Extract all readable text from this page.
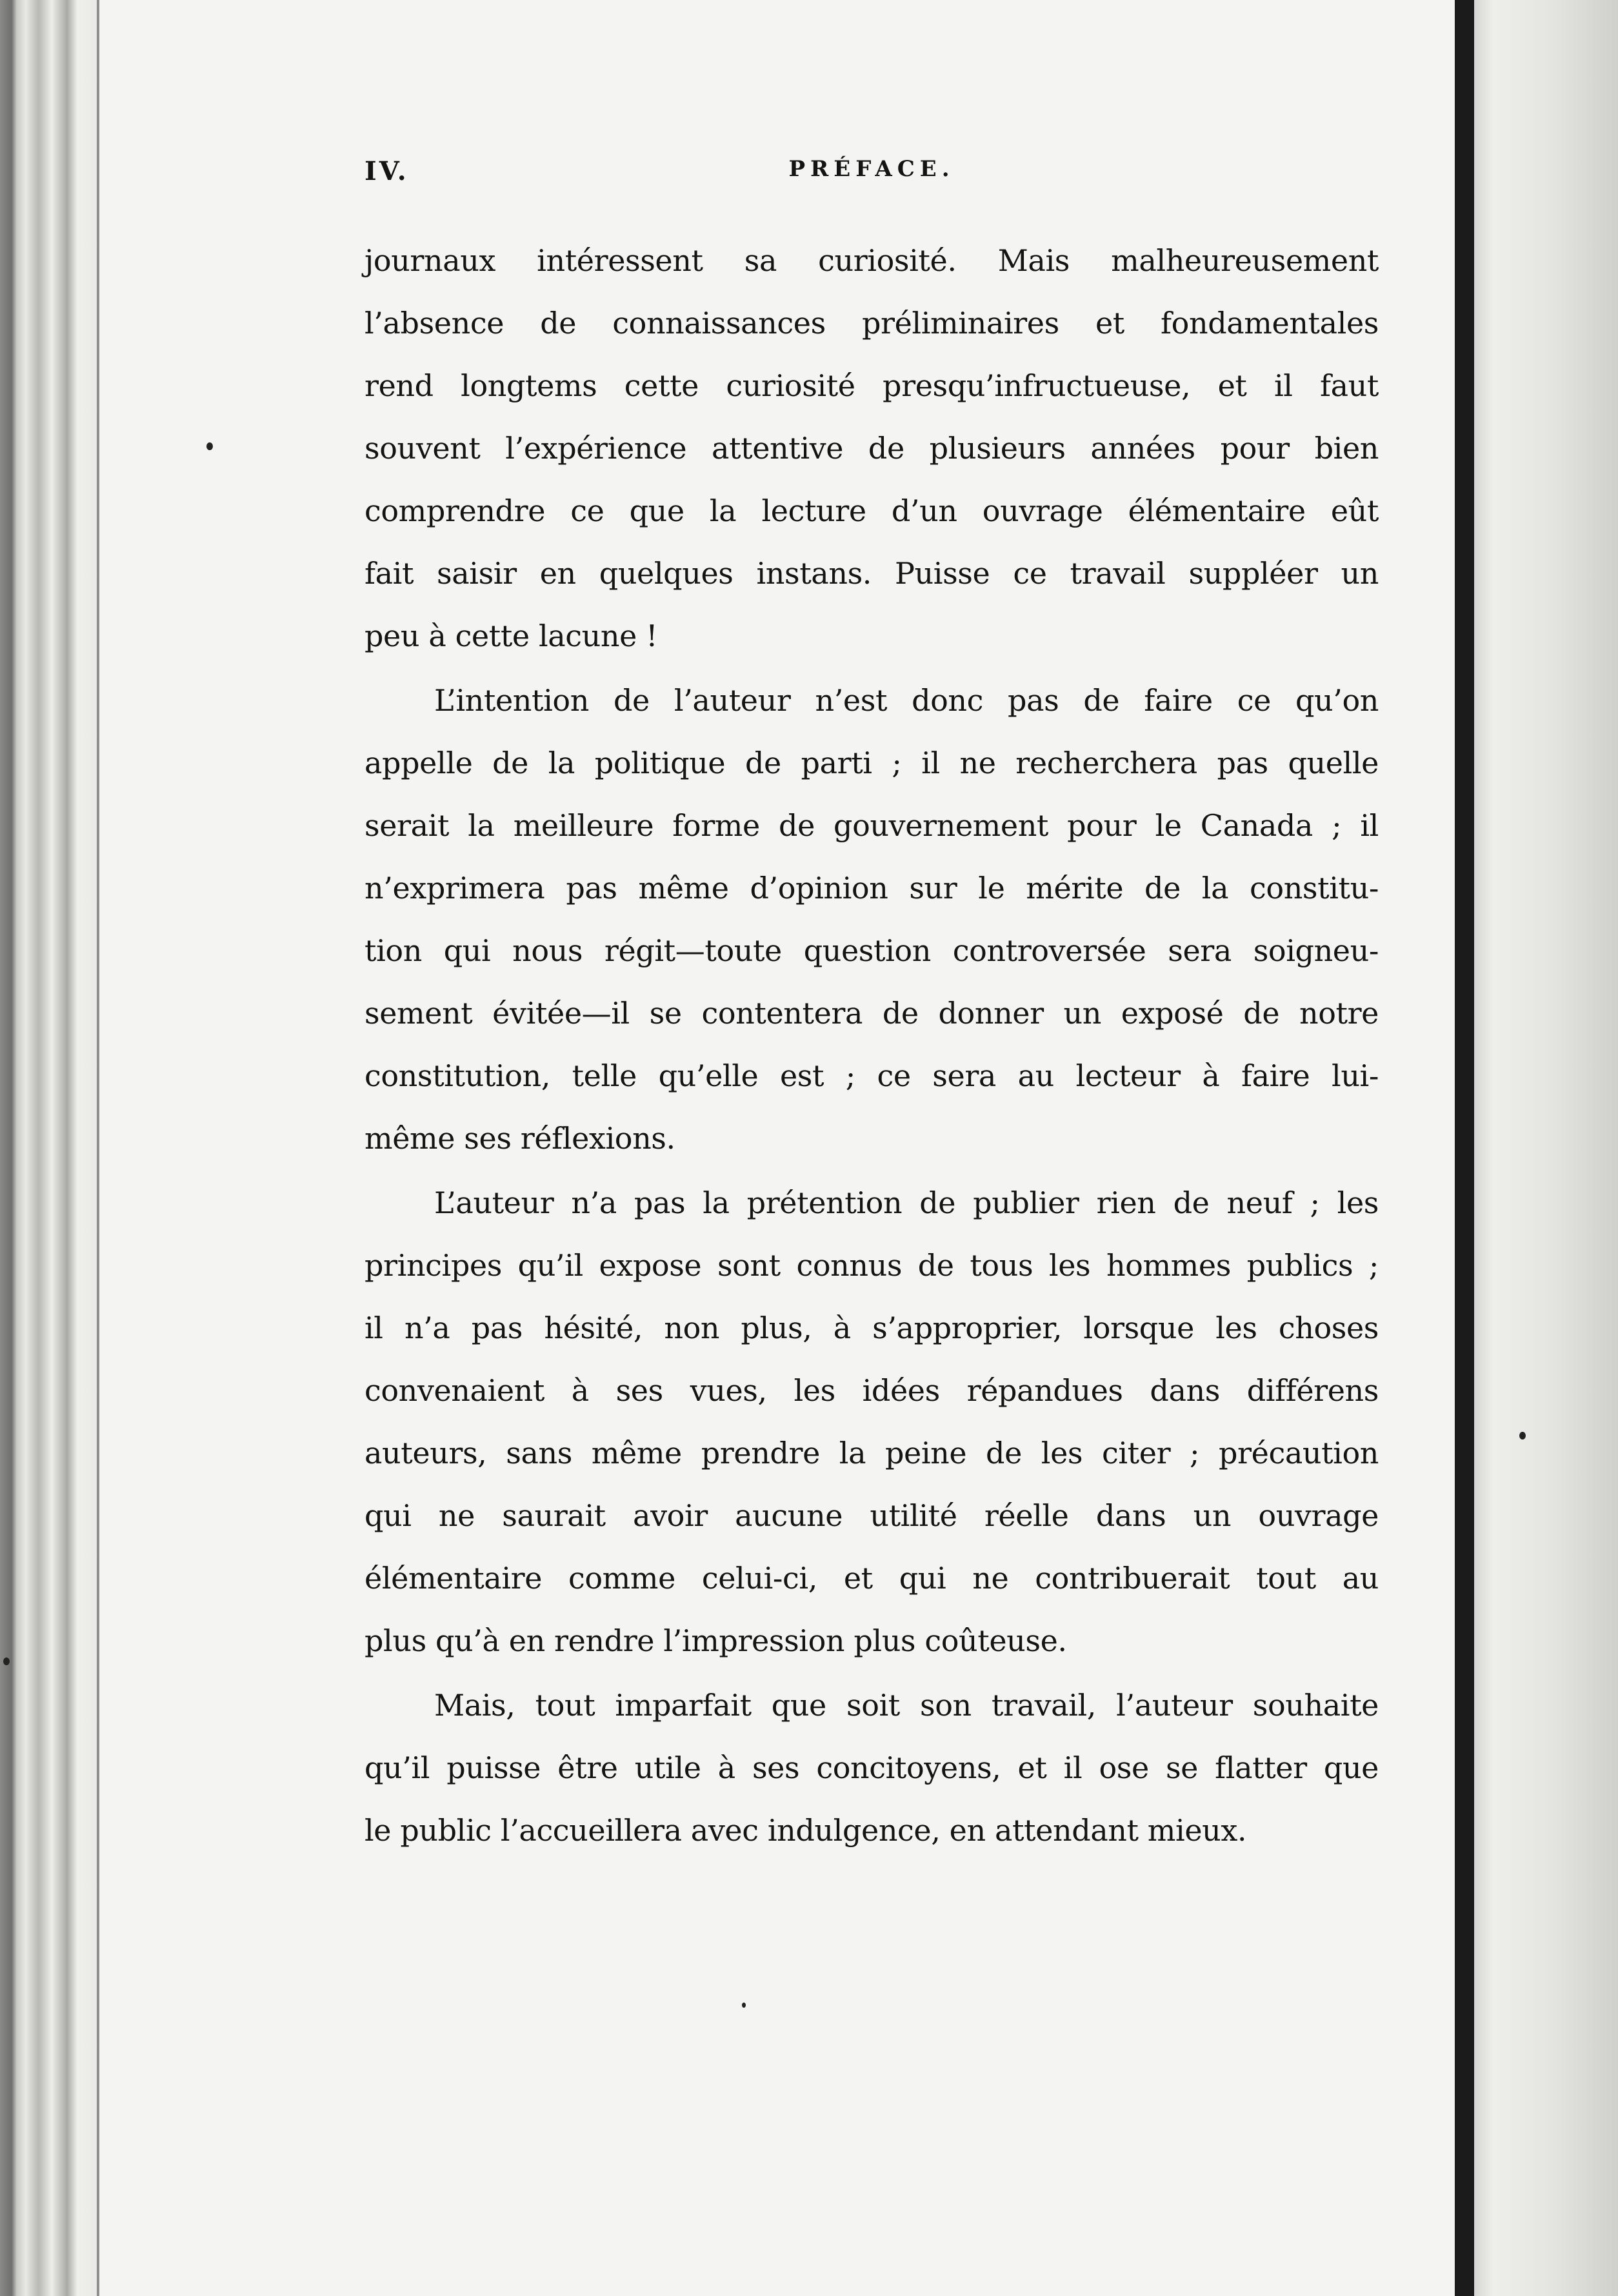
IV.	PRÉFACE.
journaux intéressent sa curiosité. Mais malheureusement
l’absence de connaissances préliminaires et fondamentales
rend longtems cette curiosité presqu’infructueuse, et il faut
souvent l’expérience attentive de plusieurs années pour bien
comprendre ce que la lecture d’un ouvrage élémentaire eût
fait saisir en quelques instans. Puisse ce travail suppléer un
peu à cette lacune !
L’intention de l’auteur n’est donc pas de faire ce qu’on
appelle de la politique de parti ; il ne recherchera pas quelle
serait la meilleure forme de gouvernement pour le Canada ; il
n’exprimera pas même d’opinion sur le mérite de la constitu-
tion qui nous régit—toute question controversée sera soigneu-
sement évitée—il se contentera de donner un exposé de notre
constitution, telle qu’elle est ; ce sera au lecteur à faire lui-
même ses réflexions.
L’auteur n’a pas la prétention de publier rien de neuf ; les
principes qu’il expose sont connus de tous les hommes publics ;
il n’a pas hésité, non plus, à s’approprier, lorsque les choses
convenaient à ses vues, les idées répandues dans différens
auteurs, sans même prendre la peine de les citer ; précaution
qui ne saurait avoir aucune utilité réelle dans un ouvrage
élémentaire comme celui-ci, et qui ne contribuerait tout au
plus qu’à en rendre l’impression plus coûteuse.
Mais, tout imparfait que soit son travail, l’auteur souhaite
qu’il puisse être utile à ses concitoyens, et il ose se flatter que
le public l’accueillera avec indulgence, en attendant mieux.
